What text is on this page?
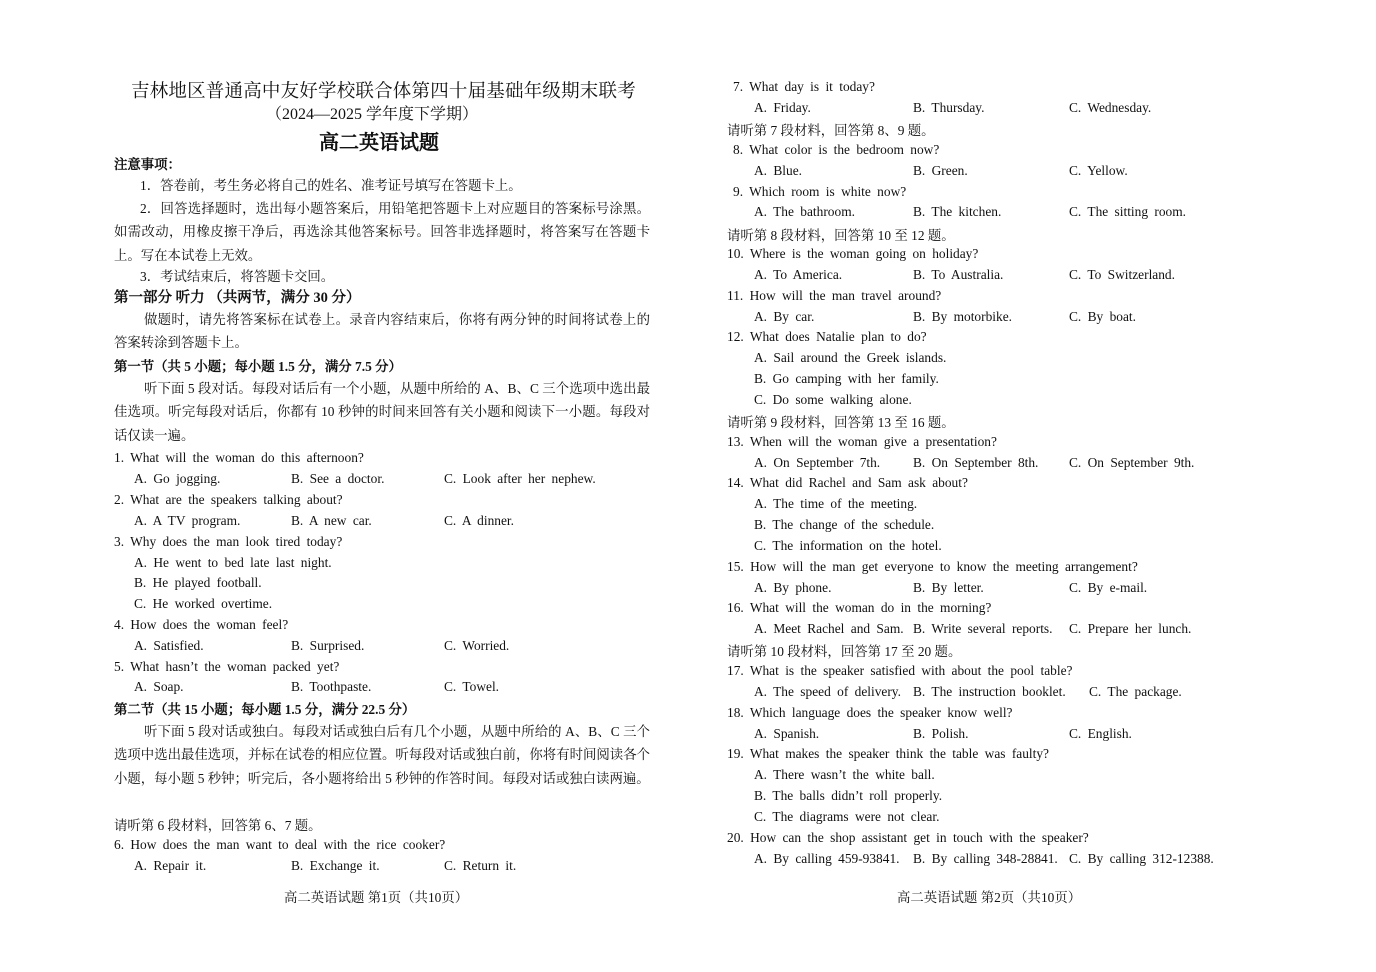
吉林地区普通高中友好学校联合体第四十届基础年级期末联考
（2024—2025 学年度下学期）
高二英语试题
注意事项：
1．答卷前，考生务必将自己的姓名、准考证号填写在答题卡上。
2．回答选择题时，选出每小题答案后，用铅笔把答题卡上对应题目的答案标号涂黑。如需改动，用橡皮擦干净后，再选涂其他答案标号。回答非选择题时，将答案写在答题卡上。写在本试卷上无效。
3．考试结束后，将答题卡交回。
第一部分 听力 （共两节，满分 30 分）
做题时，请先将答案标在试卷上。录音内容结束后，你将有两分钟的时间将试卷上的答案转涂到答题卡上。
第一节（共 5 小题；每小题 1.5 分，满分 7.5 分）
听下面 5 段对话。每段对话后有一个小题，从题中所给的 A、B、C 三个选项中选出最佳选项。听完每段对话后，你都有 10 秒钟的时间来回答有关小题和阅读下一小题。每段对话仅读一遍。
1. What will the woman do this afternoon?
A. Go jogging.	B. See a doctor.	C. Look after her nephew.
2. What are the speakers talking about?
A. A TV program.	B. A new car.	C. A dinner.
3. Why does the man look tired today?
A. He went to bed late last night.
B. He played football.
C. He worked overtime.
4. How does the woman feel?
A. Satisfied.	B. Surprised.	C. Worried.
5. What hasn’t the woman packed yet?
A. Soap.	B. Toothpaste.	C. Towel.
第二节（共 15 小题；每小题 1.5 分，满分 22.5 分）
听下面 5 段对话或独白。每段对话或独白后有几个小题，从题中所给的 A、B、C 三个选项中选出最佳选项，并标在试卷的相应位置。听每段对话或独白前，你将有时间阅读各个小题，每小题 5 秒钟；听完后，各小题将给出 5 秒钟的作答时间。每段对话或独白读两遍。
请听第 6 段材料，回答第 6、7 题。
6. How does the man want to deal with the rice cooker?
A. Repair it.	B. Exchange it.	C. Return it.
高二英语试题 第1页（共10页）
7. What day is it today?
A. Friday.	B. Thursday.	C. Wednesday.
请听第 7 段材料，回答第 8、9 题。
8. What color is the bedroom now?
A. Blue.	B. Green.	C. Yellow.
9. Which room is white now?
A. The bathroom.	B. The kitchen.	C. The sitting room.
请听第 8 段材料，回答第 10 至 12 题。
10. Where is the woman going on holiday?
A. To America.	B. To Australia.	C. To Switzerland.
11. How will the man travel around?
A. By car.	B. By motorbike.	C. By boat.
12. What does Natalie plan to do?
A. Sail around the Greek islands.
B. Go camping with her family.
C. Do some walking alone.
请听第 9 段材料，回答第 13 至 16 题。
13. When will the woman give a presentation?
A. On September 7th. B. On September 8th. C. On September 9th.
14. What did Rachel and Sam ask about?
A. The time of the meeting.
B. The change of the schedule.
C. The information on the hotel.
15. How will the man get everyone to know the meeting arrangement?
A. By phone.	B. By letter.	C. By e-mail.
16. What will the woman do in the morning?
A. Meet Rachel and Sam. B. Write several reports. C. Prepare her lunch.
请听第 10 段材料，回答第 17 至 20 题。
17. What is the speaker satisfied with about the pool table?
A. The speed of delivery. B. The instruction booklet. C. The package.
18. Which language does the speaker know well?
A. Spanish.	B. Polish.	C. English.
19. What makes the speaker think the table was faulty?
A. There wasn’t the white ball.
B. The balls didn’t roll properly.
C. The diagrams were not clear.
20. How can the shop assistant get in touch with the speaker?
A. By calling 459-93841. B. By calling 348-28841. C. By calling 312-12388.
高二英语试题 第2页（共10页）
